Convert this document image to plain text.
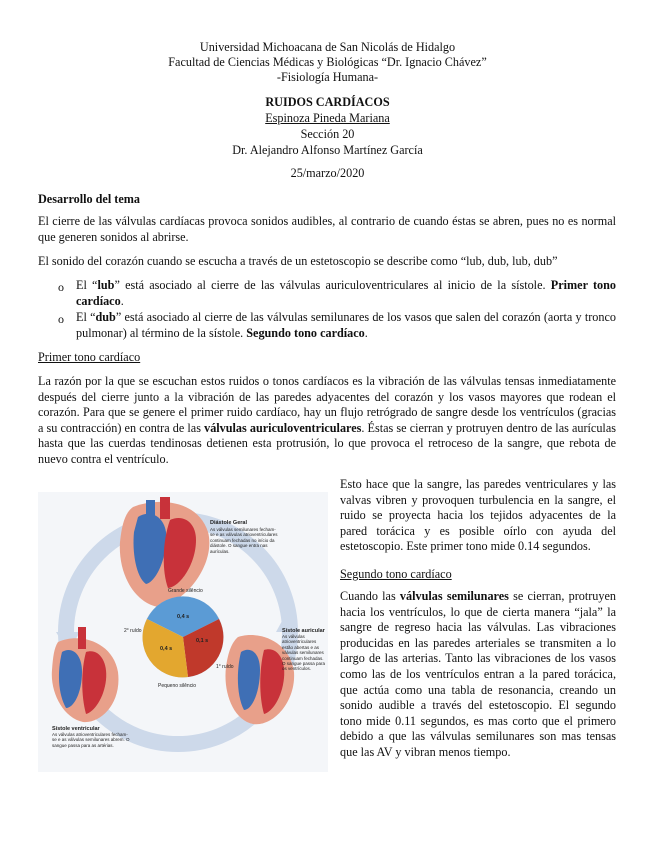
Universidad Michoacana de San Nicolás de Hidalgo
Facultad de Ciencias Médicas y Biológicas “Dr. Ignacio Chávez”
-Fisiología Humana-
RUIDOS CARDÍACOS
Espinoza Pineda Mariana
Sección 20
Dr. Alejandro Alfonso Martínez García
25/marzo/2020
Desarrollo del tema
El cierre de las válvulas cardíacas provoca sonidos audibles, al contrario de cuando éstas se abren, pues no es normal que generen sonidos al abrirse.
El sonido del corazón cuando se escucha a través de un estetoscopio se describe como “lub, dub, lub, dub”
o El “lub” está asociado al cierre de las válvulas auriculoventriculares al inicio de la sístole. Primer tono cardíaco.
o El “dub” está asociado al cierre de las válvulas semilunares de los vasos que salen del corazón (aorta y tronco pulmonar) al término de la sístole. Segundo tono cardíaco.
Primer tono cardíaco
La razón por la que se escuchan estos ruidos o tonos cardíacos es la vibración de las válvulas tensas inmediatamente después del cierre junto a la vibración de las paredes adyacentes del corazón y los vasos mayores que rodean el corazón. Para que se genere el primer ruido cardíaco, hay un flujo retrógrado de sangre desde los ventrículos (gracias a su contracción) en contra de las válvulas auriculoventriculares. Éstas se cierran y protruyen dentro de las aurículas hasta que las cuerdas tendinosas detienen esta protrusión, lo que provoca el retroceso de la sangre, que rebota de nuevo contra el ventrículo.
Esto hace que la sangre, las paredes ventriculares y las valvas vibren y provoquen turbulencia en la sangre, el ruido se proyecta hacia los tejidos adyacentes de la pared torácica y es posible oírlo con ayuda del estetoscopio. Este primer tono mide 0.14 segundos.
Segundo tono cardíaco
Cuando las válvulas semilunares se cierran, protruyen hacia los ventrículos, lo que de cierta manera “jala” la sangre de regreso hacia las válvulas. Las vibraciones producidas en las paredes arteriales se transmiten a lo largo de las arterias. Tanto las vibraciones de los vasos como las de los ventrículos entran a la pared torácica, que actúa como una tabla de resonancia, creando un sonido audible a través del estetoscopio. El segundo tono mide 0.11 segundos, es mas corto que el primero debido a que las válvulas semilunares son mas tensas que las AV y vibran menos tiempo.
0,4 s
0,4 s
0,1 s
Grande silêncio
Pequeno silêncio
2° ruído
1° ruído
Diástole Geral
As válvulas semilunares fecham-se e as válvulas atrioventriculares continuam fechadas no início da diástole. O sangue entra nas aurículas.
Sístole auricular
As válvulas atrioventriculares estão abertas e as válvulas semilunares continuam fechadas. O sangue passa para os ventrículos.
Sístole ventricular
As válvulas atrioventriculares fecham-se e as válvulas semilunares abrem. O sangue passa para as artérias.
